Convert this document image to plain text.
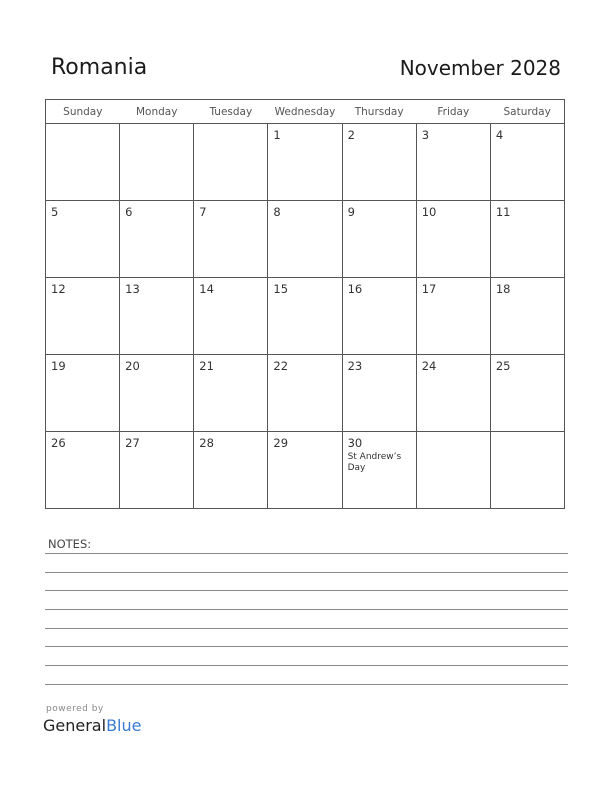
Romania	November 2028
Sunday	Monday	Tuesday	Wednesday	Thursday	Friday	Saturday

			1	2	3	4

5	6	7	8	9	10	11

12	13	14	15	16	17	18

19	20	21	22	23	24	25

26	27	28	29	30
St Andrew’s Day		

NOTES:
powered by
GeneralBlue
